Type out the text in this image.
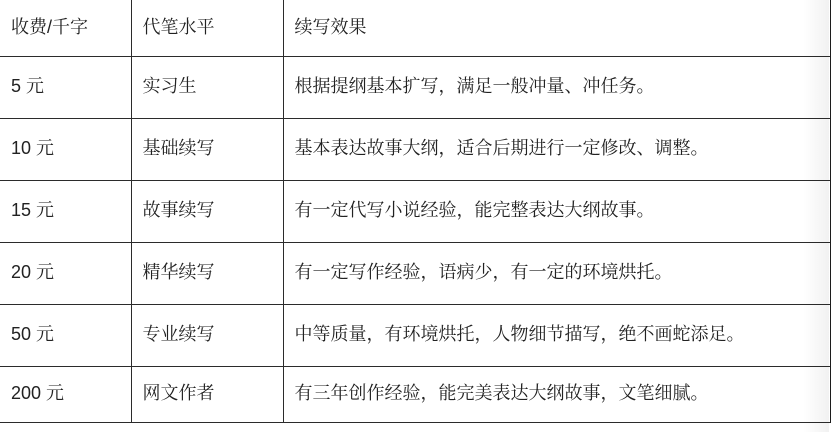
收费/千字	代笔水平	续写效果
5 元	实习生	根据提纲基本扩写，满足一般冲量、冲任务。
10 元	基础续写	基本表达故事大纲，适合后期进行一定修改、调整。
15 元	故事续写	有一定代写小说经验，能完整表达大纲故事。
20 元	精华续写	有一定写作经验，语病少，有一定的环境烘托。
50 元	专业续写	中等质量，有环境烘托，人物细节描写，绝不画蛇添足。
200 元	网文作者	有三年创作经验，能完美表达大纲故事，文笔细腻。
